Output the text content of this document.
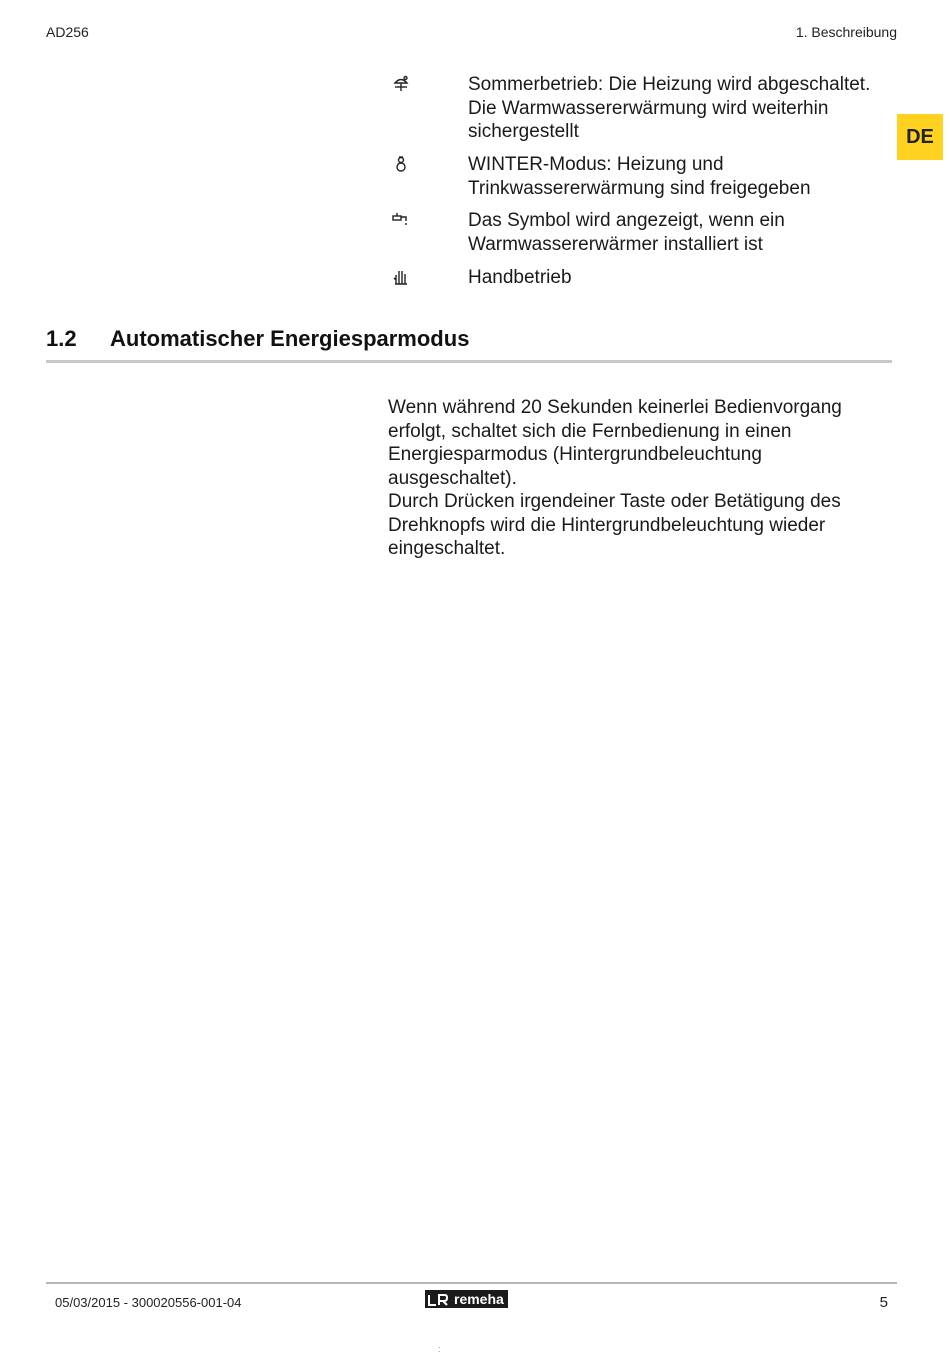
AD256	1. Beschreibung
DE
Sommerbetrieb: Die Heizung wird abgeschaltet. Die Warmwassererwärmung wird weiterhin sichergestellt
WINTER-Modus: Heizung und Trinkwassererwärmung sind freigegeben
Das Symbol wird angezeigt, wenn ein Warmwassererwärmer installiert ist
Handbetrieb
1.2 Automatischer Energiesparmodus

Wenn während 20 Sekunden keinerlei Bedienvorgang erfolgt, schaltet sich die Fernbedienung in einen Energiesparmodus (Hintergrundbeleuchtung ausgeschaltet).

Durch Drücken irgendeiner Taste oder Betätigung des Drehknopfs wird die Hintergrundbeleuchtung wieder eingeschaltet.

05/03/2015 - 300020556-001-04	remeha	5
:
